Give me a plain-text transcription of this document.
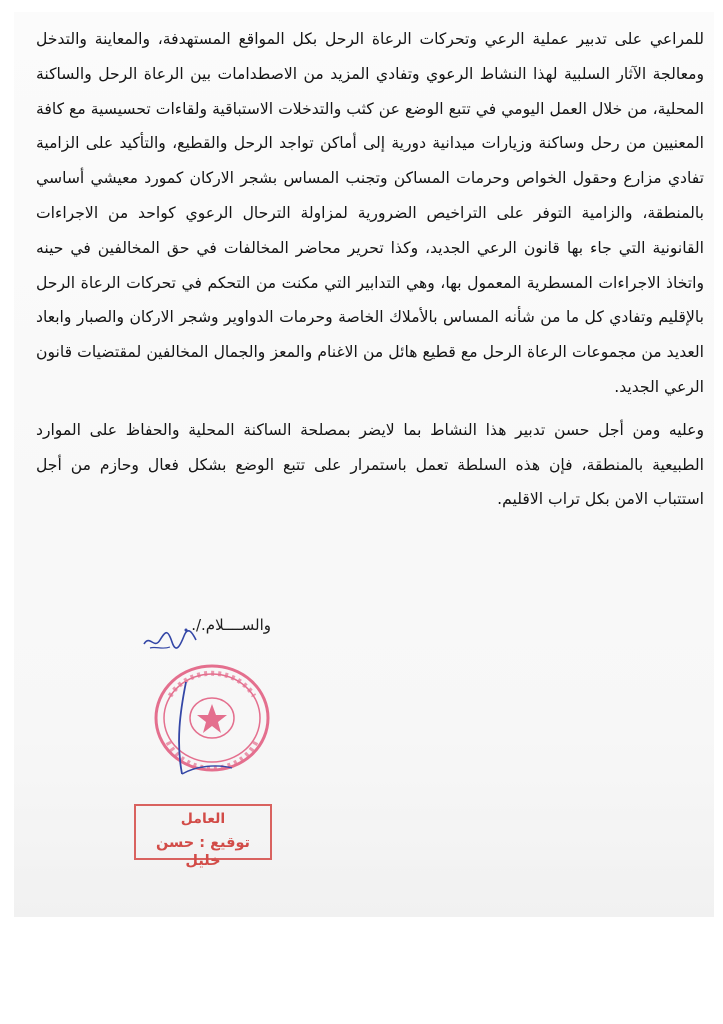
للمراعي على تدبير عملية الرعي وتحركات الرعاة الرحل بكل المواقع المستهدفة، والمعاينة والتدخل ومعالجة الآثار السلبية لهذا النشاط الرعوي وتفادي المزيد من الاصطدامات بين الرعاة الرحل والساكنة المحلية، من خلال العمل اليومي في تتبع الوضع عن كثب والتدخلات الاستباقية ولقاءات تحسيسية مع كافة المعنيين من رحل وساكنة وزيارات ميدانية دورية إلى أماكن تواجد الرحل والقطيع، والتأكيد على الزامية تفادي مزارع وحقول الخواص وحرمات المساكن وتجنب المساس بشجر الاركان كمورد معيشي أساسي بالمنطقة، والزامية التوفر على التراخيص الضرورية لمزاولة الترحال الرعوي كواحد من الاجراءات القانونية التي جاء بها قانون الرعي الجديد، وكذا تحرير محاضر المخالفات في حق المخالفين في حينه واتخاذ الاجراءات المسطرية المعمول بها، وهي التدابير التي مكنت من التحكم في تحركات الرعاة الرحل بالإقليم وتفادي كل ما من شأنه المساس بالأملاك الخاصة وحرمات الدواوير وشجر الاركان والصبار وابعاد العديد من مجموعات الرعاة الرحل مع قطيع هائل من الاغنام والمعز والجمال المخالفين لمقتضيات قانون الرعي الجديد.

وعليه ومن أجل حسن تدبير هذا النشاط بما لايضر بمصلحة الساكنة المحلية والحفاظ على الموارد الطبيعية بالمنطقة، فإن هذه السلطة تعمل باستمرار على تتبع الوضع بشكل فعال وحازم من أجل استتباب الامن بكل تراب الاقليم.

والســــلام./.
العامل
توقيع : حسن خليل
